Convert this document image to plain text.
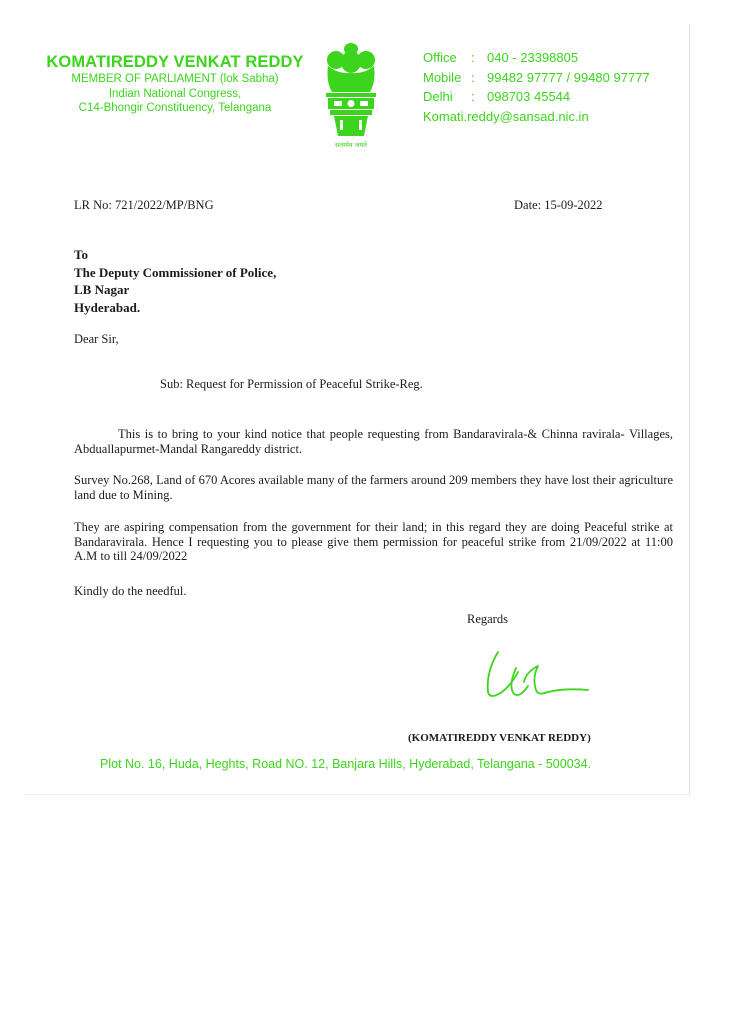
KOMATIREDDY VENKAT REDDY
MEMBER OF PARLIAMENT (lok Sabha)
Indian National Congress,
C14-Bhongir Constituency, Telangana
सत्यमेव जयते
Office : 040 - 23398805
Mobile : 99482 97777 / 99480 97777
Delhi : 098703 45544
Komati.reddy@sansad.nic.in
LR No: 721/2022/MP/BNG	Date: 15-09-2022
To
The Deputy Commissioner of Police,
LB Nagar
Hyderabad.
Dear Sir,
Sub: Request for Permission of Peaceful Strike-Reg.
This is to bring to your kind notice that people requesting from Bandaravirala-& Chinna ravirala- Villages, Abduallapurmet-Mandal Rangareddy district.
Survey No.268, Land of 670 Acores available many of the farmers around 209 members they have lost their agriculture land due to Mining.
They are aspiring compensation from the government for their land; in this regard they are doing Peaceful strike at Bandaravirala. Hence I requesting you to please give them permission for peaceful strike from 21/09/2022 at 11:00 A.M to till 24/09/2022
Kindly do the needful.
Regards
(KOMATIREDDY VENKAT REDDY)
Plot No. 16, Huda, Heghts, Road NO. 12, Banjara Hills, Hyderabad, Telangana - 500034.
